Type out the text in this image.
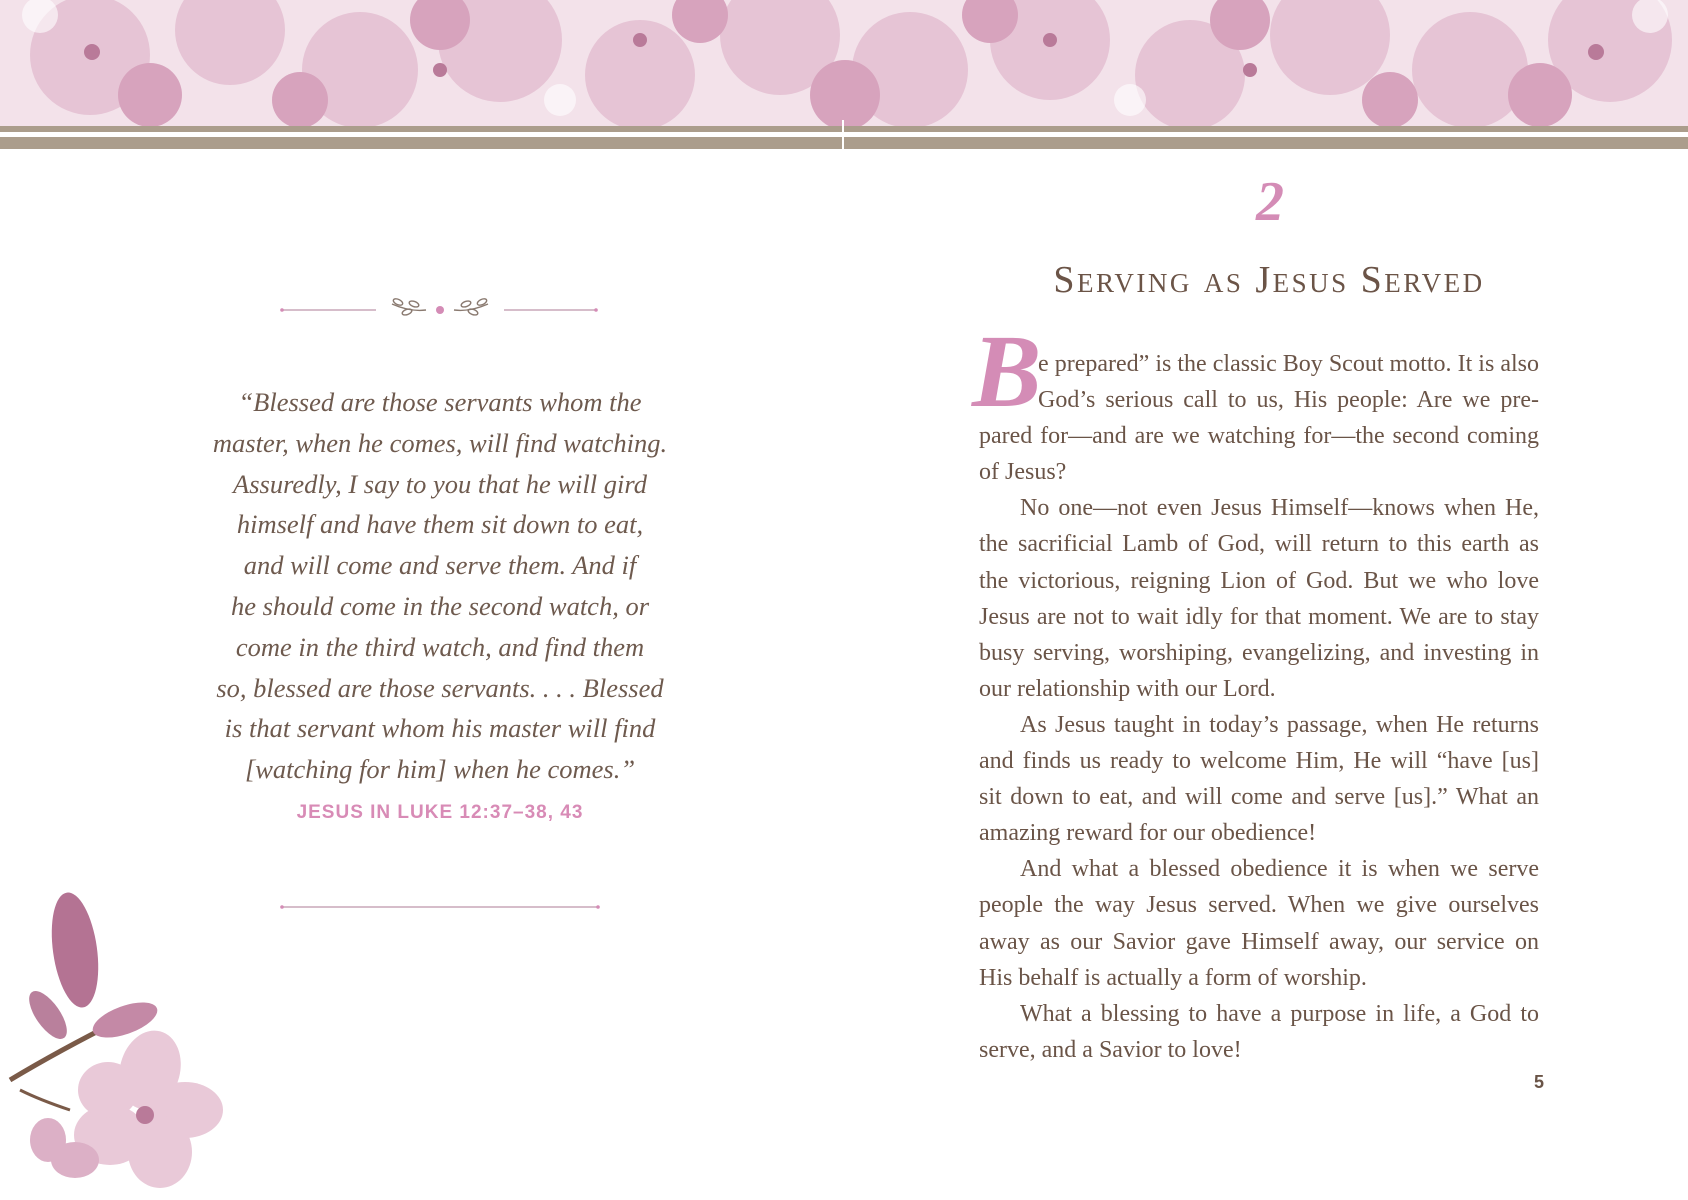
“Blessed are those servants whom the
master, when he comes, will find watching.
Assuredly, I say to you that he will gird
himself and have them sit down to eat,
and will come and serve them. And if
he should come in the second watch, or
come in the third watch, and find them
so, blessed are those servants. . . . Blessed
is that servant whom his master will find
[watching for him] when he comes.”
JESUS IN LUKE 12:37–38, 43
2
Serving as Jesus Served
B
e prepared” is the classic Boy Scout motto. It is also
God’s serious call to us, His people: Are we pre-
pared for—and are we watching for—the second coming
of Jesus?
No one—not even Jesus Himself—knows when He,
the sacrificial Lamb of God, will return to this earth as
the victorious, reigning Lion of God. But we who love
Jesus are not to wait idly for that moment. We are to stay
busy serving, worshiping, evangelizing, and investing in
our relationship with our Lord.
As Jesus taught in today’s passage, when He returns
and finds us ready to welcome Him, He will “have [us]
sit down to eat, and will come and serve [us].” What an
amazing reward for our obedience!
And what a blessed obedience it is when we serve
people the way Jesus served. When we give ourselves
away as our Savior gave Himself away, our service on
His behalf is actually a form of worship.
What a blessing to have a purpose in life, a God to
serve, and a Savior to love!
5
